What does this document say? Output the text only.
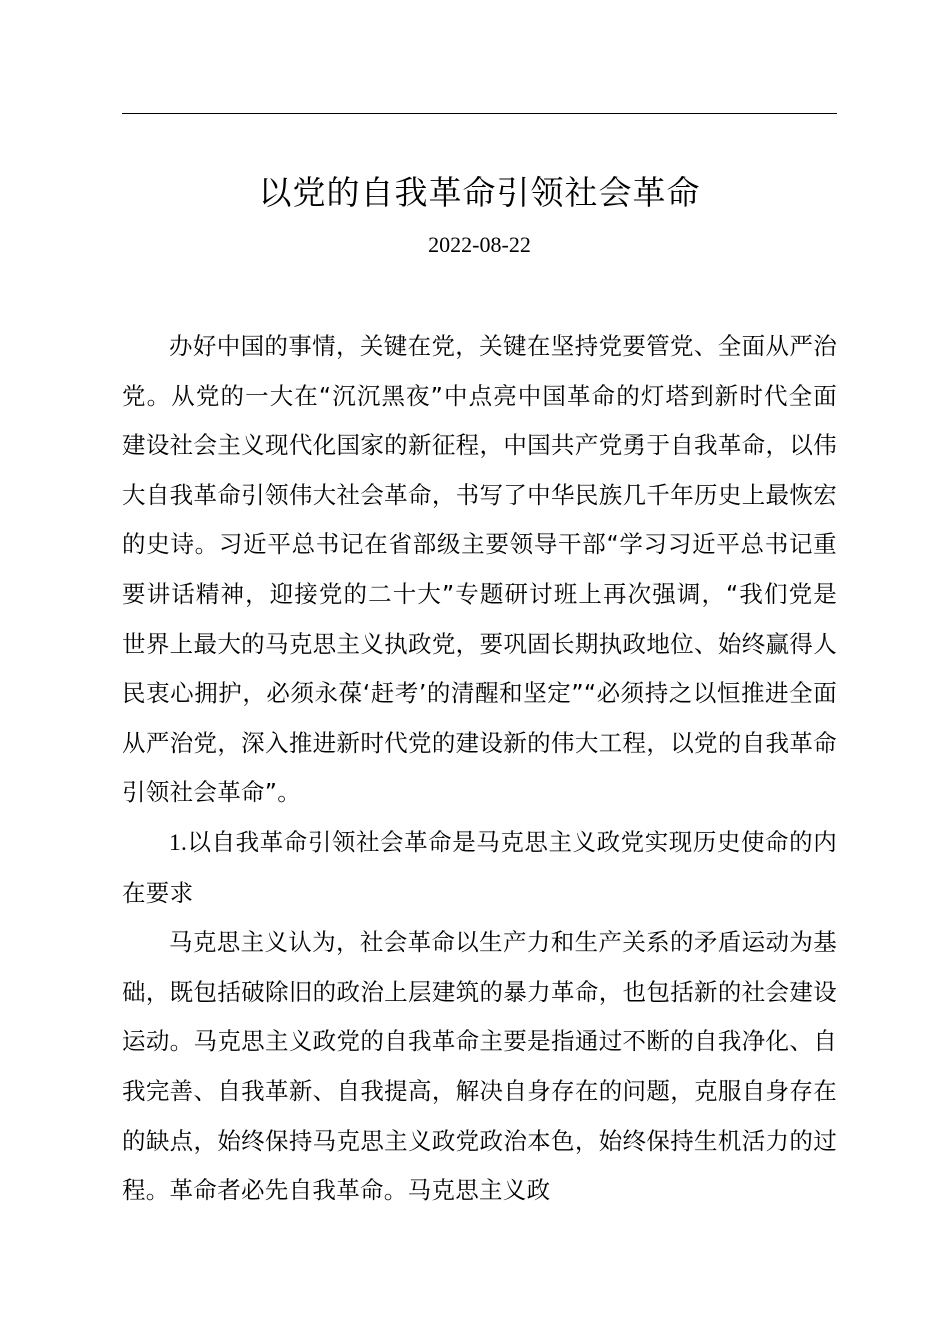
以党的自我革命引领社会革命
2022-08-22

办好中国的事情，关键在党，关键在坚持党要管党、全面从严治党。从党的一大在“沉沉黑夜”中点亮中国革命的灯塔到新时代全面建设社会主义现代化国家的新征程，中国共产党勇于自我革命，以伟大自我革命引领伟大社会革命，书写了中华民族几千年历史上最恢宏的史诗。习近平总书记在省部级主要领导干部“学习习近平总书记重要讲话精神，迎接党的二十大”专题研讨班上再次强调，“我们党是世界上最大的马克思主义执政党，要巩固长期执政地位、始终赢得人民衷心拥护，必须永葆‘赶考’的清醒和坚定”“必须持之以恒推进全面从严治党，深入推进新时代党的建设新的伟大工程，以党的自我革命引领社会革命”。

1.以自我革命引领社会革命是马克思主义政党实现历史使命的内在要求

马克思主义认为，社会革命以生产力和生产关系的矛盾运动为基础，既包括破除旧的政治上层建筑的暴力革命，也包括新的社会建设运动。马克思主义政党的自我革命主要是指通过不断的自我净化、自我完善、自我革新、自我提高，解决自身存在的问题，克服自身存在的缺点，始终保持马克思主义政党政治本色，始终保持生机活力的过程。革命者必先自我革命。马克思主义政
